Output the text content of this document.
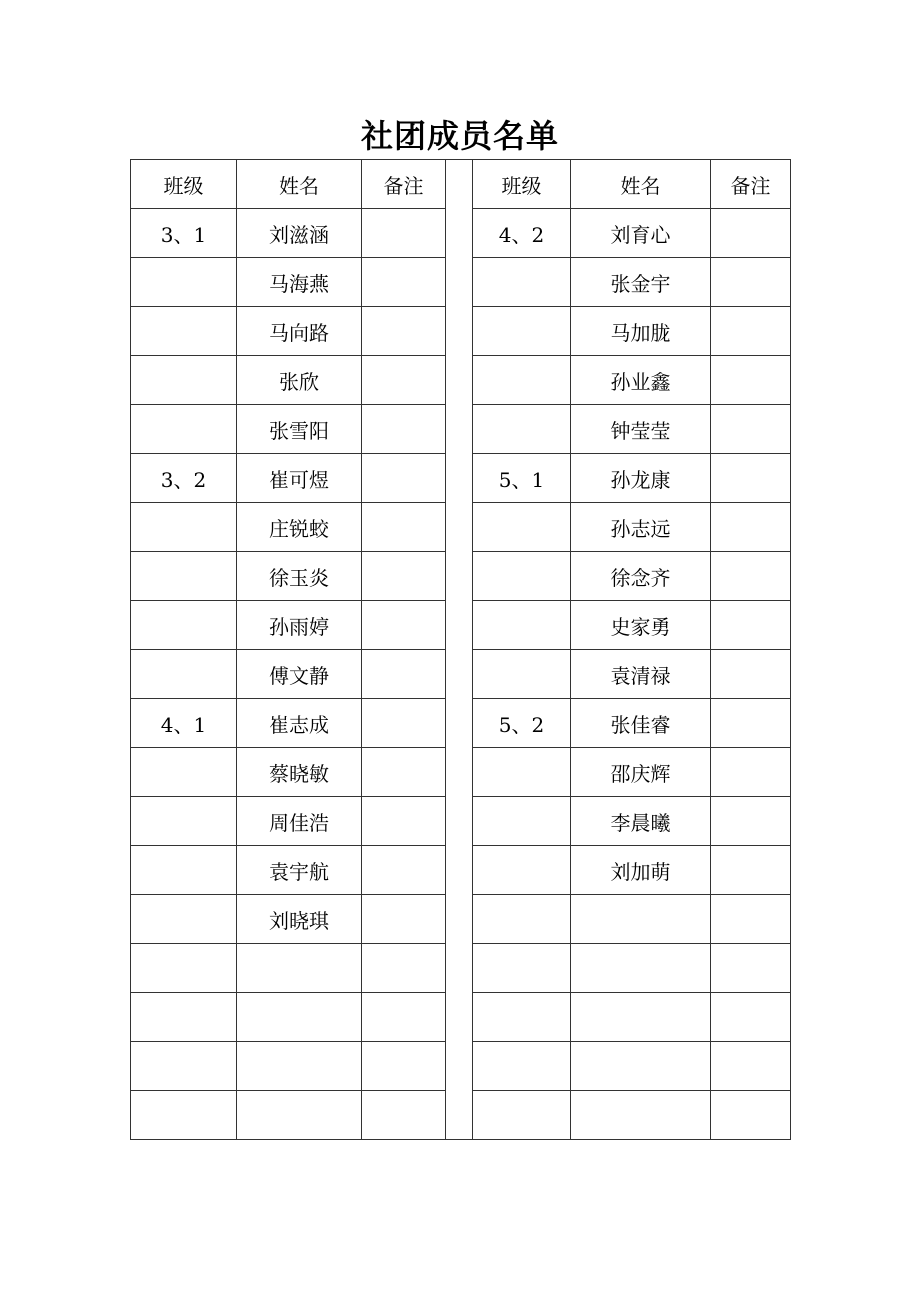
社团成员名单
班级	姓名	备注		班级	姓名	备注
3、1	刘滋涵			4、2	刘育心	
	马海燕				张金宇	
	马向路				马加胧	
	张欣				孙业鑫	
	张雪阳				钟莹莹	
3、2	崔可煜			5、1	孙龙康	
	庄锐蛟				孙志远	
	徐玉炎				徐念齐	
	孙雨婷				史家勇	
	傅文静				袁清禄	
4、1	崔志成			5、2	张佳睿	
	蔡晓敏				邵庆辉	
	周佳浩				李晨曦	
	袁宇航				刘加萌	
	刘晓琪					
